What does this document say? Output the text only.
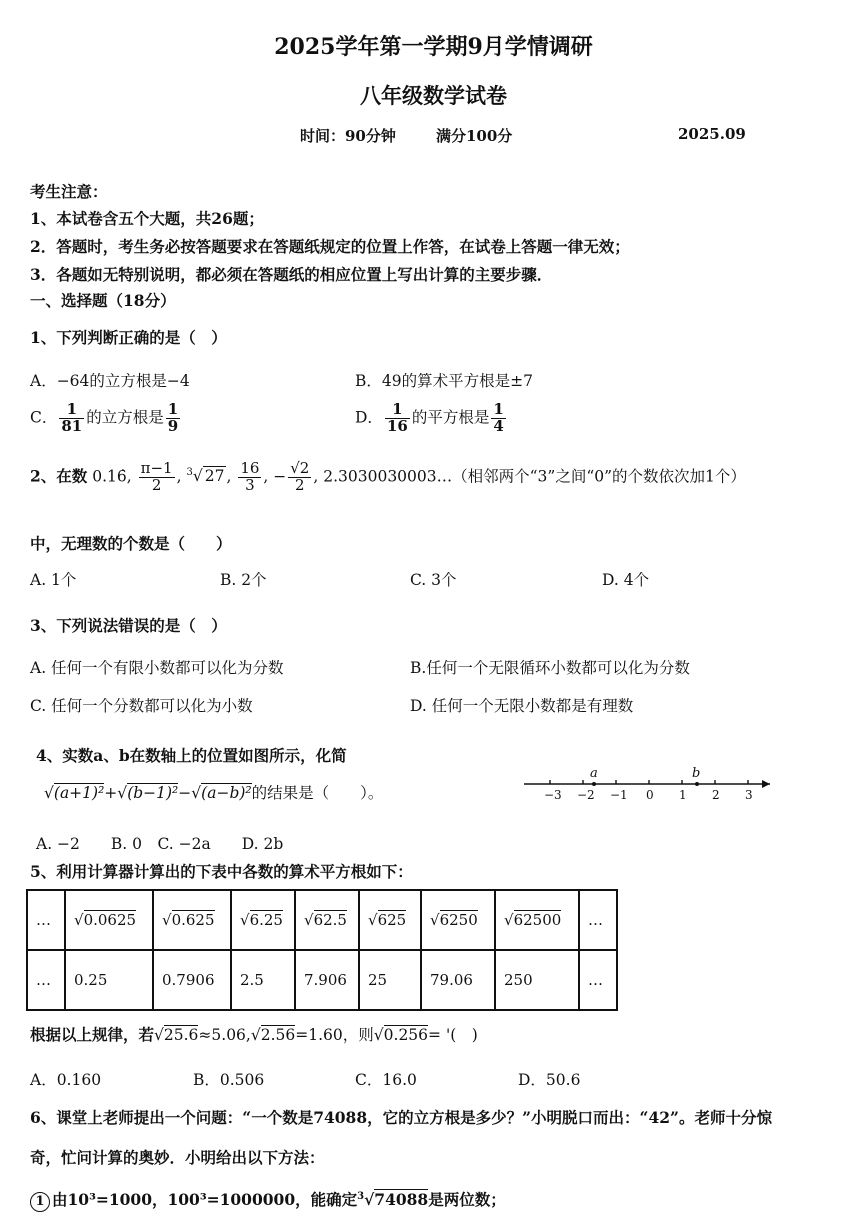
2025学年第一学期9月学情调研
八年级数学试卷
时间：90分钟	满分100分	2025.09
考生注意：
1、本试卷含五个大题，共26题；
2．答题时，考生务必按答题要求在答题纸规定的位置上作答，在试卷上答题一律无效；
3．各题如无特别说明，都必须在答题纸的相应位置上写出计算的主要步骤．
一、选择题（18分）
1、下列判断正确的是（　）
A．−64的立方根是−4	B．49的算术平方根是±7
C． $\frac{1}{81}$ 的立方根是 $\frac{1}{9}$	D． $\frac{1}{16}$ 的平方根是 $\frac{1}{4}$
2、在数 0.16̇, $\frac{\pi-1}{2}$ , $^3$√ 27 , $\frac{16}{3}$ , − $\frac{√2}{2}$ , 2.3030030003…（相邻两个“3”之间“0”的个数依次加1个）
中，无理数的个数是（　　）
A. 1个	B. 2个	C. 3个	D. 4个
3、下列说法错误的是（　）
A. 任何一个有限小数都可以化为分数	B.任何一个无限循环小数都可以化为分数
C. 任何一个分数都可以化为小数	D. 任何一个无限小数都是有理数
4、实数a、b在数轴上的位置如图所示，化简
√(a+1)²+√(b−1)²−√(a−b)²的结果是（　　）。
a	b
−3 −2 −1 0 1 2 3
A. −2　　B. 0　C. −2a　　D. 2b
5、利用计算器计算出的下表中各数的算术平方根如下：
…	√0.0625	√0.625	√6.25	√62.5	√625	√6250	√62500	…
…	0.25	0.7906	2.5	7.906	25	79.06	250	…
根据以上规律，若√25.6≈5.06,√2.56=1.60，则√0.256= '(　)
A．0.160	B．0.506	C．16.0	D．50.6
6、课堂上老师提出一个问题：“一个数是74088，它的立方根是多少？”小明脱口而出：“42”。老师十分惊
奇，忙问计算的奥妙．小明给出以下方法：
1 由10³=1000，100³=1000000，能确定$^3$√74088是两位数；
